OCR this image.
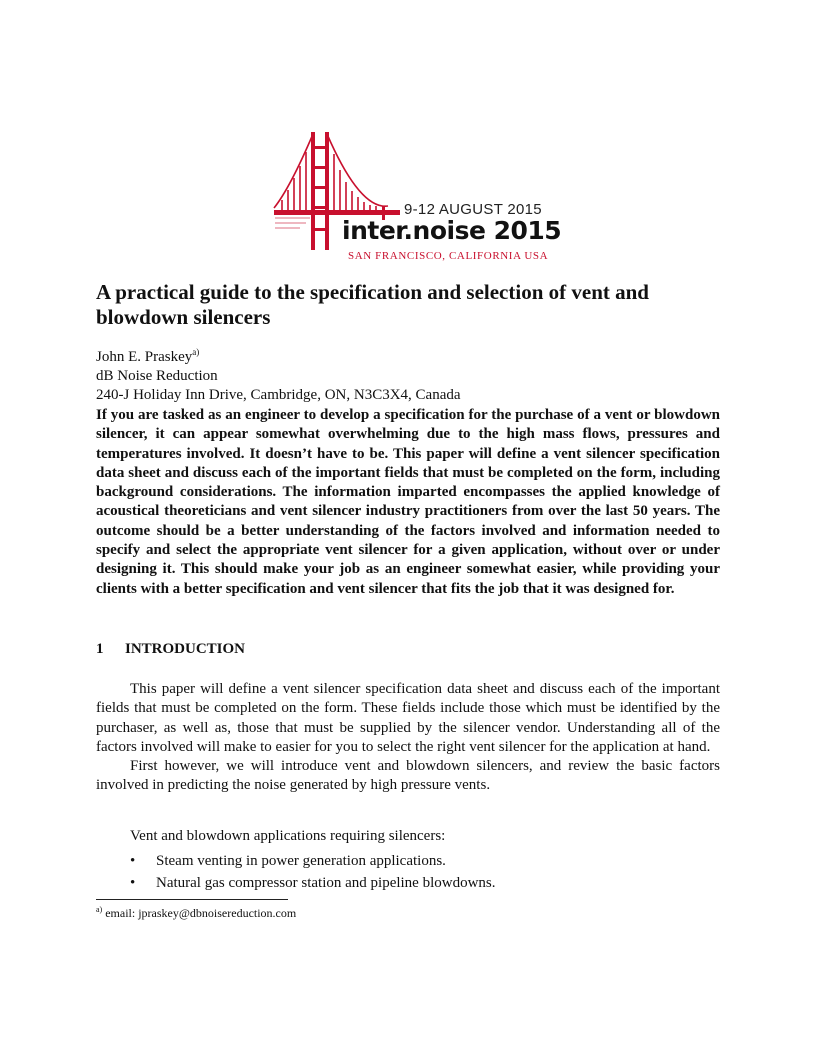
9-12 AUGUST 2015
inter.noise 2015
SAN FRANCISCO, CALIFORNIA USA
A practical guide to the specification and selection of vent and blowdown silencers
John E. Praskey$^{a)}$
dB Noise Reduction
240-J Holiday Inn Drive, Cambridge, ON, N3C3X4, Canada

If you are tasked as an engineer to develop a specification for the purchase of a vent or blowdown silencer, it can appear somewhat overwhelming due to the high mass flows, pressures and temperatures involved. It doesn’t have to be. This paper will define a vent silencer specification data sheet and discuss each of the important fields that must be completed on the form, including background considerations. The information imparted encompasses the applied knowledge of acoustical theoreticians and vent silencer industry practitioners from over the last 50 years. The outcome should be a better understanding of the factors involved and information needed to specify and select the appropriate vent silencer for a given application, without over or under designing it. This should make your job as an engineer somewhat easier, while providing your clients with a better specification and vent silencer that fits the job that it was designed for.

1 INTRODUCTION

This paper will define a vent silencer specification data sheet and discuss each of the important fields that must be completed on the form. These fields include those which must be identified by the purchaser, as well as, those that must be supplied by the silencer vendor. Understanding all of the factors involved will make to easier for you to select the right vent silencer for the application at hand.

First however, we will introduce vent and blowdown silencers, and review the basic factors involved in predicting the noise generated by high pressure vents.

Vent and blowdown applications requiring silencers:
• Steam venting in power generation applications.
• Natural gas compressor station and pipeline blowdowns.
$^{a)}$ email: jpraskey@dbnoisereduction.com
